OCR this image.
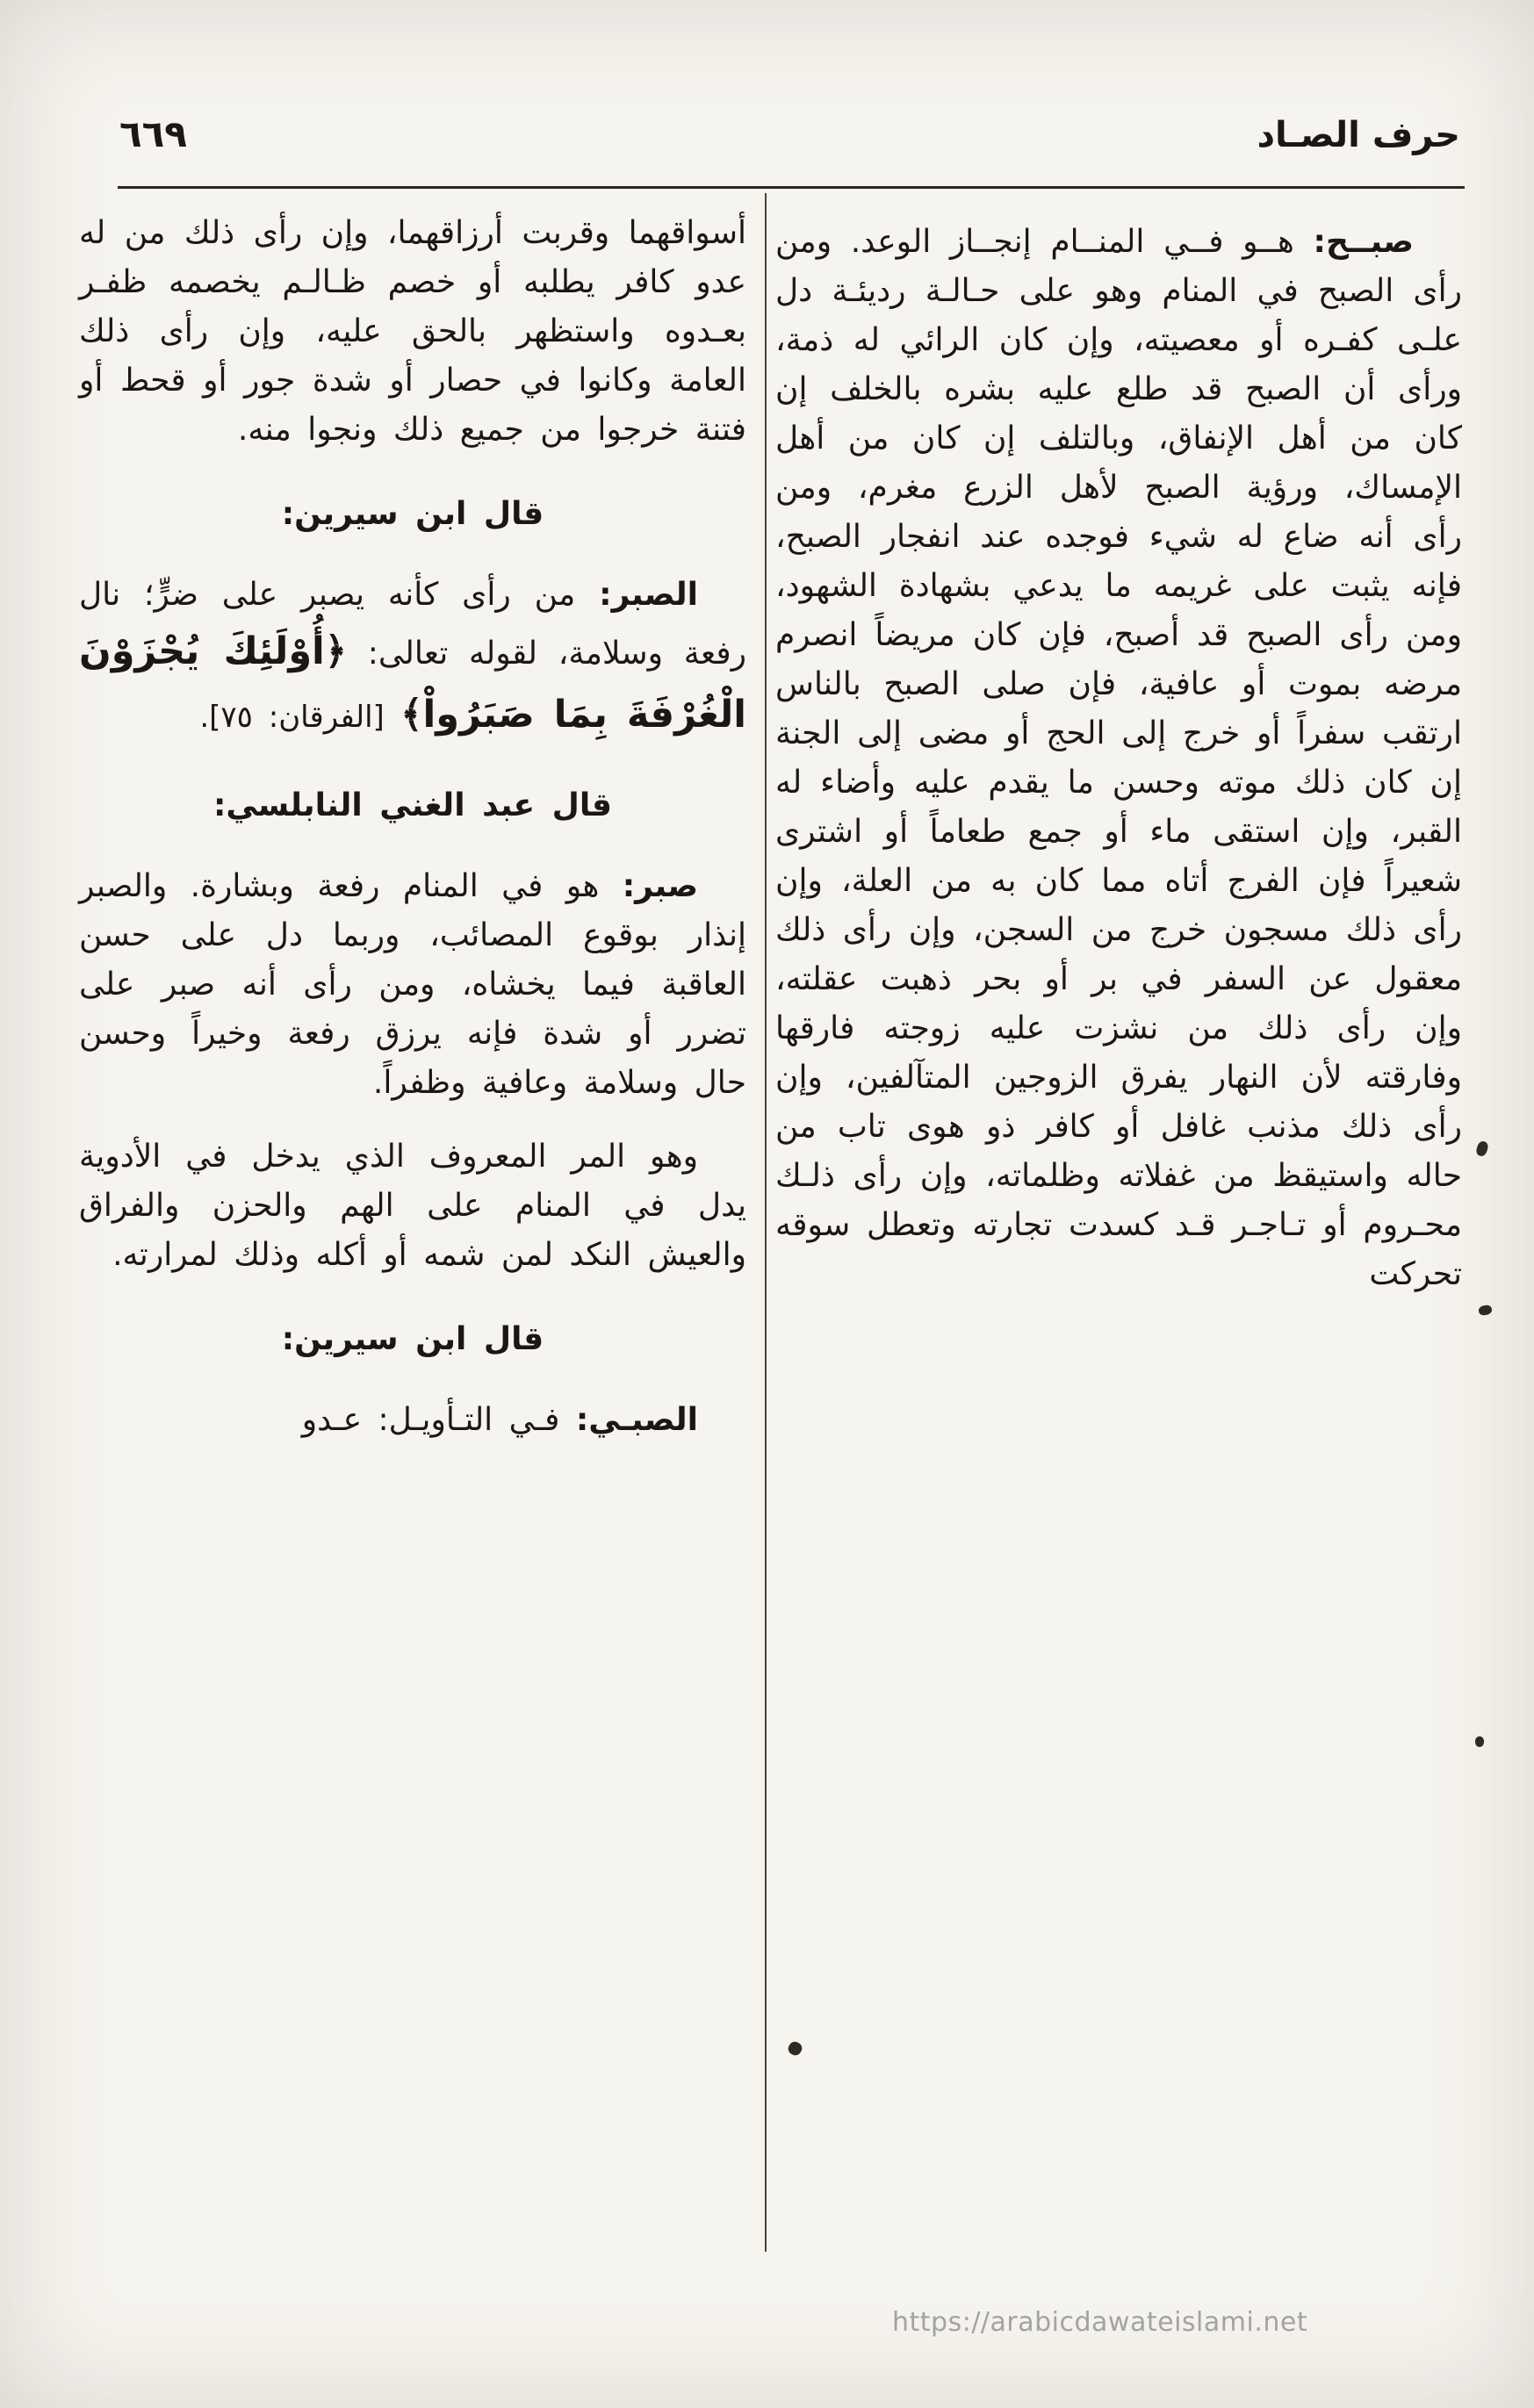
٦٦٩	حرف الصـاد

صبــح: هــو فــي المنــام إنجــاز الوعد. ومن رأى الصبح في المنام وهو على حـالـة رديئـة دل علـى كفـره أو معصيته، وإن كان الرائي له ذمة، ورأى أن الصبح قد طلع عليه بشره بالخلف إن كان من أهل الإنفاق، وبالتلف إن كان من أهل الإمساك، ورؤية الصبح لأهل الزرع مغرم، ومن رأى أنه ضاع له شيء فوجده عند انفجار الصبح، فإنه يثبت على غريمه ما يدعي بشهادة الشهود، ومن رأى الصبح قد أصبح، فإن كان مريضاً انصرم مرضه بموت أو عافية، فإن صلى الصبح بالناس ارتقب سفراً أو خرج إلى الحج أو مضى إلى الجنة إن كان ذلك موته وحسن ما يقدم عليه وأضاء له القبر، وإن استقى ماء أو جمع طعاماً أو اشترى شعيراً فإن الفرج أتاه مما كان به من العلة، وإن رأى ذلك مسجون خرج من السجن، وإن رأى ذلك معقول عن السفر في بر أو بحر ذهبت عقلته، وإن رأى ذلك من نشزت عليه زوجته فارقها وفارقته لأن النهار يفرق الزوجين المتآلفين، وإن رأى ذلك مذنب غافل أو كافر ذو هوى تاب من حاله واستيقظ من غفلاته وظلماته، وإن رأى ذلـك محـروم أو تـاجـر قـد كسدت تجارته وتعطل سوقه تحركت

أسواقهما وقربت أرزاقهما، وإن رأى ذلك من له عدو كافر يطلبه أو خصم ظـالـم يخصمه ظفـر بعـدوه واستظهر بالحق عليه، وإن رأى ذلك العامة وكانوا في حصار أو شدة جور أو قحط أو فتنة خرجوا من جميع ذلك ونجوا منه.

قال ابن سيرين:

الصبر: من رأى كأنه يصبر على ضرٍّ؛ نال رفعة وسلامة، لقوله تعالى: ﴿أُوْلَئِكَ يُجْزَوْنَ الْغُرْفَةَ بِمَا صَبَرُواْ﴾ [الفرقان: ٧٥].

قال عبد الغني النابلسي:

صبر: هو في المنام رفعة وبشارة. والصبر إنذار بوقوع المصائب، وربما دل على حسن العاقبة فيما يخشاه، ومن رأى أنه صبر على تضرر أو شدة فإنه يرزق رفعة وخيراً وحسن حال وسلامة وعافية وظفراً.

وهو المر المعروف الذي يدخل في الأدوية يدل في المنام على الهم والحزن والفراق والعيش النكد لمن شمه أو أكله وذلك لمرارته.

قال ابن سيرين:

الصبـي: فـي التـأويـل: عـدو

https://arabicdawateislami.net
